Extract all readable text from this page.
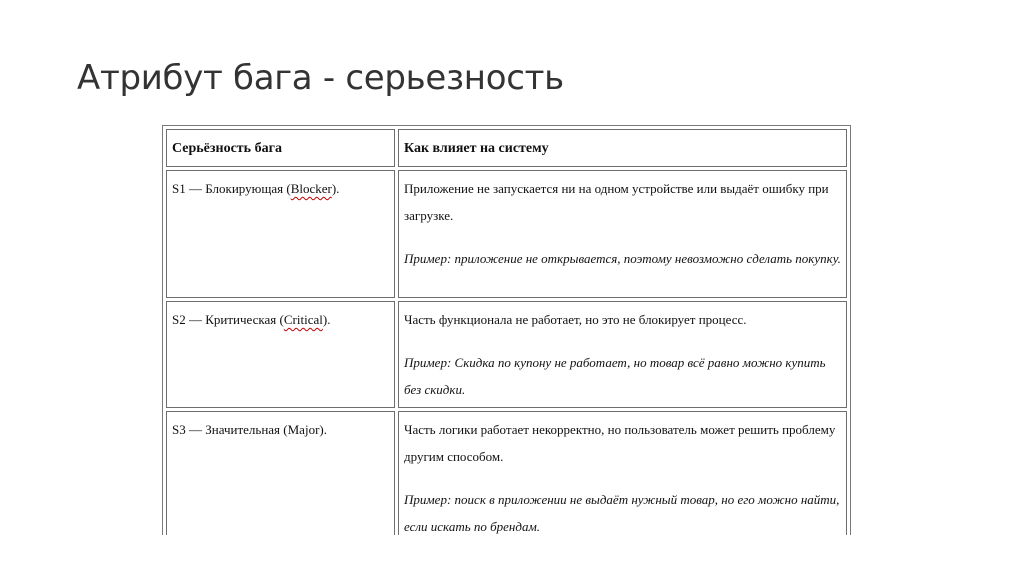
Атрибут бага - серьезность
Серьёзность бага	Как влияет на систему
S1 — Блокирующая (Blocker).	Приложение не запускается ни на одном устройстве или выдаёт ошибку при загрузке.

Пример: приложение не открывается, поэтому невозможно сделать покупку.

S2 — Критическая (Critical).	Часть функционала не работает, но это не блокирует процесс.

Пример: Скидка по купону не работает, но товар всё равно можно купить без скидки.

S3 — Значительная (Major).	Часть логики работает некорректно, но пользователь может решить проблему другим способом.

Пример: поиск в приложении не выдаёт нужный товар, но его можно найти, если искать по брендам.
